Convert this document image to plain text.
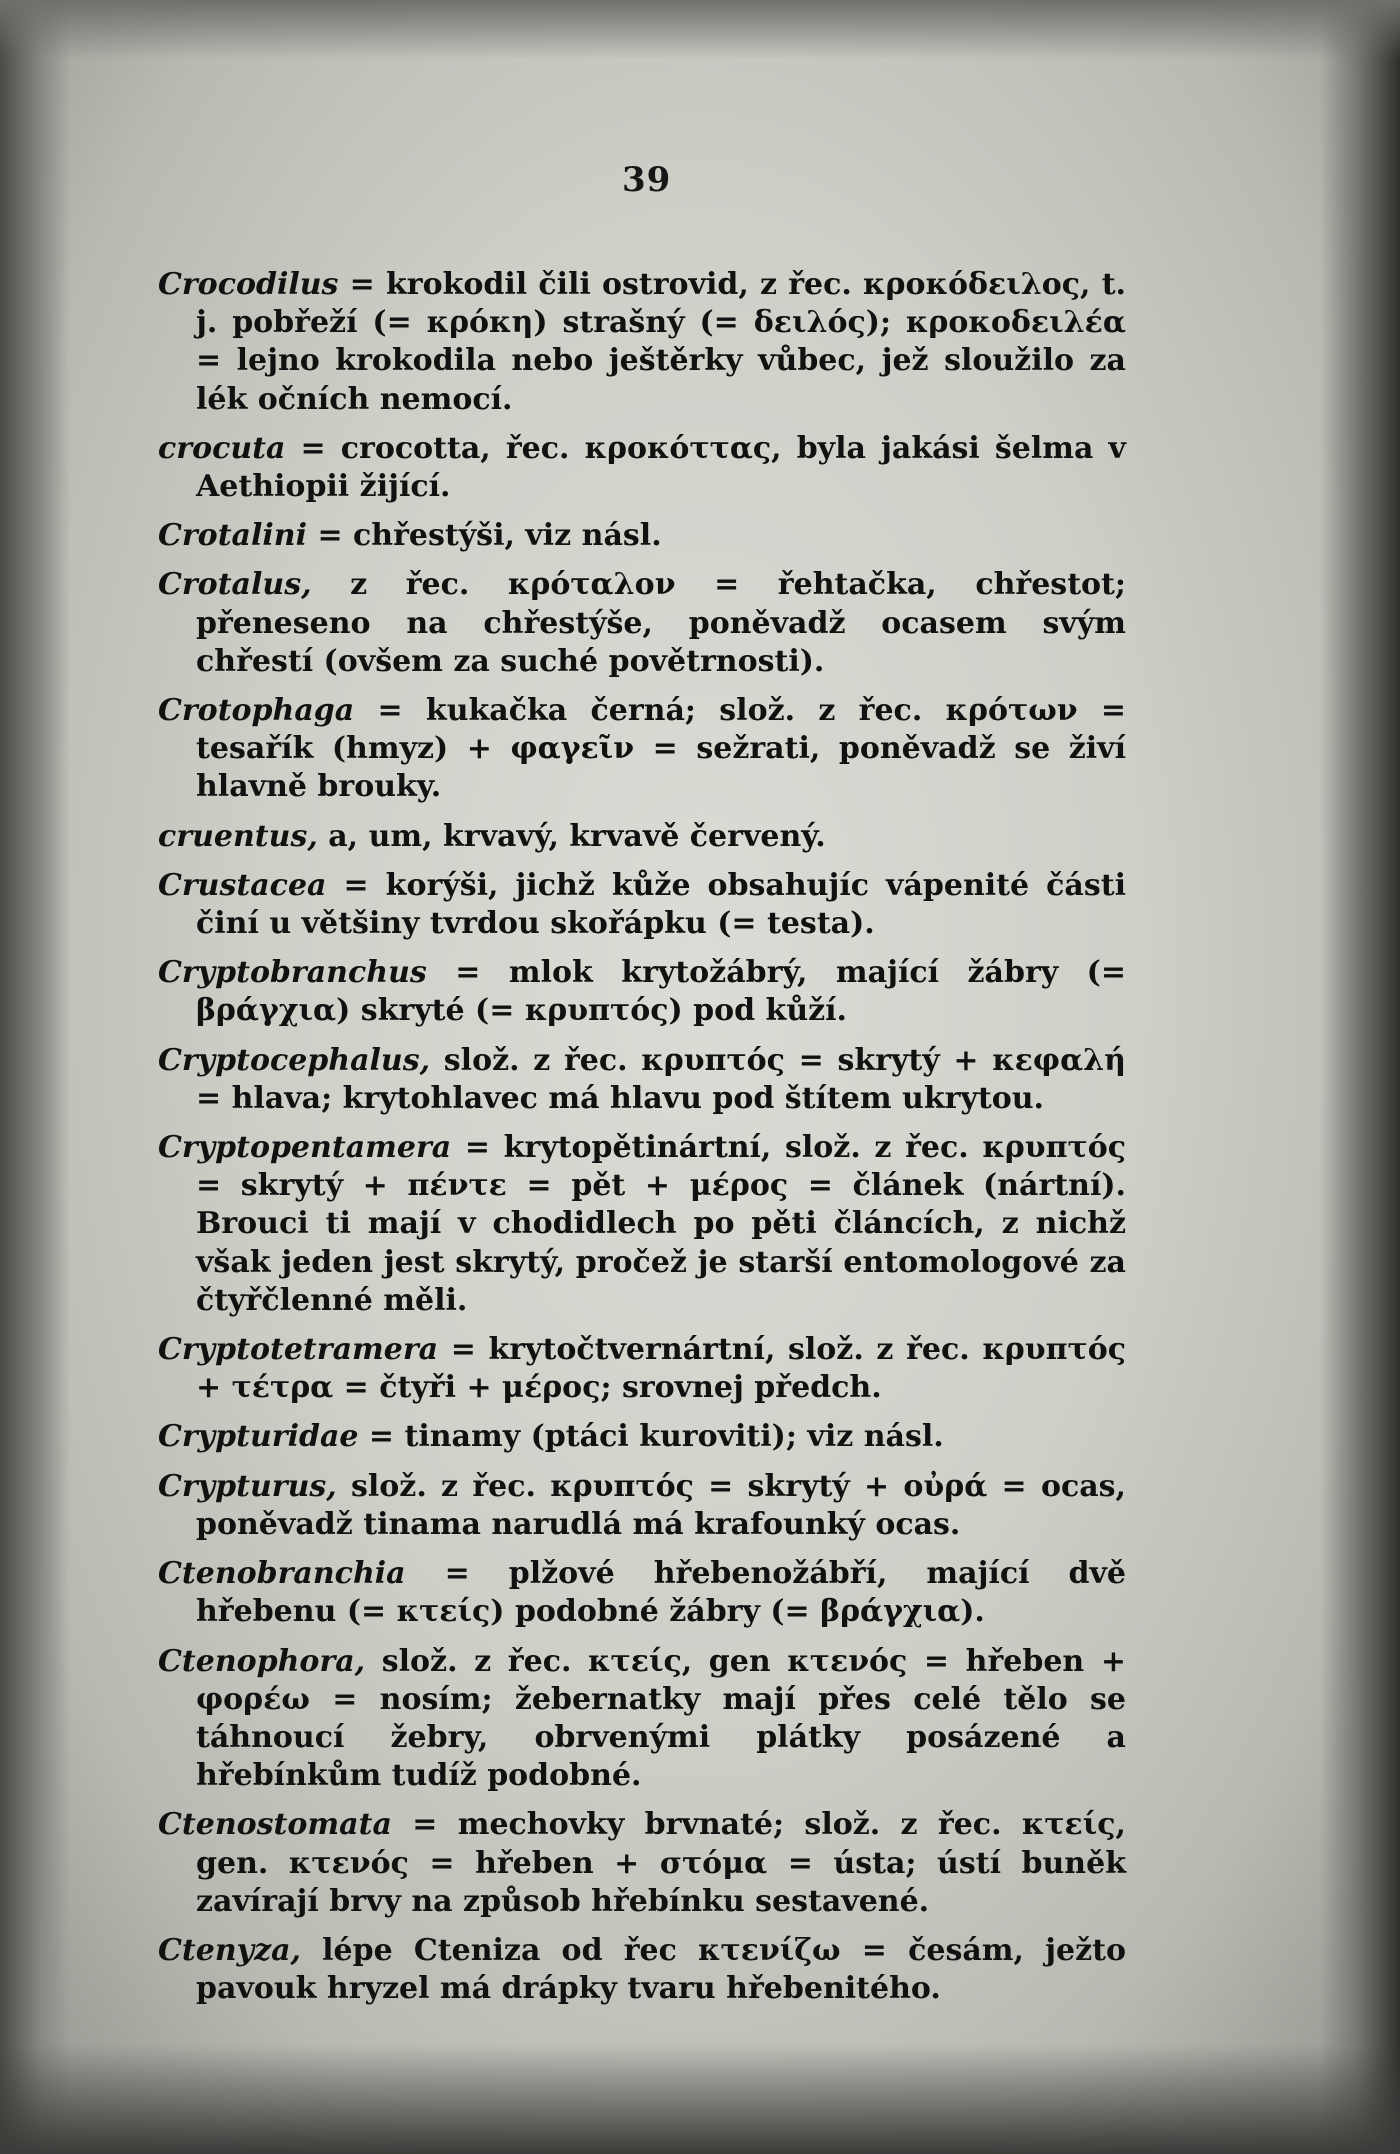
39

Crocodilus = krokodil čili ostrovid, z řec. κροκόδειλος, t. j. pobřeží (= κρόκη) strašný (= δειλός); κροκοδειλέα = lejno krokodila nebo ještěrky vůbec, jež sloužilo za lék očních nemocí.

crocuta = crocotta, řec. κροκόττας, byla jakási šelma v Aethiopii žijící.

Crotalini = chřestýši, viz násl.

Crotalus, z řec. κρόταλον = řehtačka, chřestot; přeneseno na chřestýše, poněvadž ocasem svým chřestí (ovšem za suché povětrnosti).

Crotophaga = kukačka černá; slož. z řec. κρότων = tesařík (hmyz) + φαγεῖν = sežrati, poněvadž se živí hlavně brouky.

cruentus, a, um, krvavý, krvavě červený.

Crustacea = korýši, jichž kůže obsahujíc vápenité části činí u většiny tvrdou skořápku (= testa).

Cryptobranchus = mlok krytožábrý, mající žábry (= βράγχια) skryté (= κρυπτός) pod kůží.

Cryptocephalus, slož. z řec. κρυπτός = skrytý + κεφαλή = hlava; krytohlavec má hlavu pod štítem ukrytou.

Cryptopentamera = krytopětinártní, slož. z řec. κρυπτός = skrytý + πέντε = pět + μέρος = článek (nártní). Brouci ti mají v chodidlech po pěti článcích, z nichž však jeden jest skrytý, pročež je starší entomologové za čtyřčlenné měli.

Cryptotetramera = krytočtvernártní, slož. z řec. κρυπτός + τέτρα = čtyři + μέρος; srovnej předch.

Crypturidae = tinamy (ptáci kuroviti); viz násl.

Crypturus, slož. z řec. κρυπτός = skrytý + οὐρά = ocas, poněvadž tinama narudlá má krafounký ocas.

Ctenobranchia = plžové hřebenožábří, mající dvě hřebenu (= κτείς) podobné žábry (= βράγχια).

Ctenophora, slož. z řec. κτείς, gen κτενός = hřeben + φορέω = nosím; žebernatky mají přes celé tělo se táhnoucí žebry, obrvenými plátky posázené a hřebínkům tudíž podobné.

Ctenostomata = mechovky brvnaté; slož. z řec. κτείς, gen. κτενός = hřeben + στόμα = ústa; ústí buněk zavírají brvy na způsob hřebínku sestavené.

Ctenyza, lépe Cteniza od řec κτενίζω = česám, ježto pavouk hryzel má drápky tvaru hřebenitého.
